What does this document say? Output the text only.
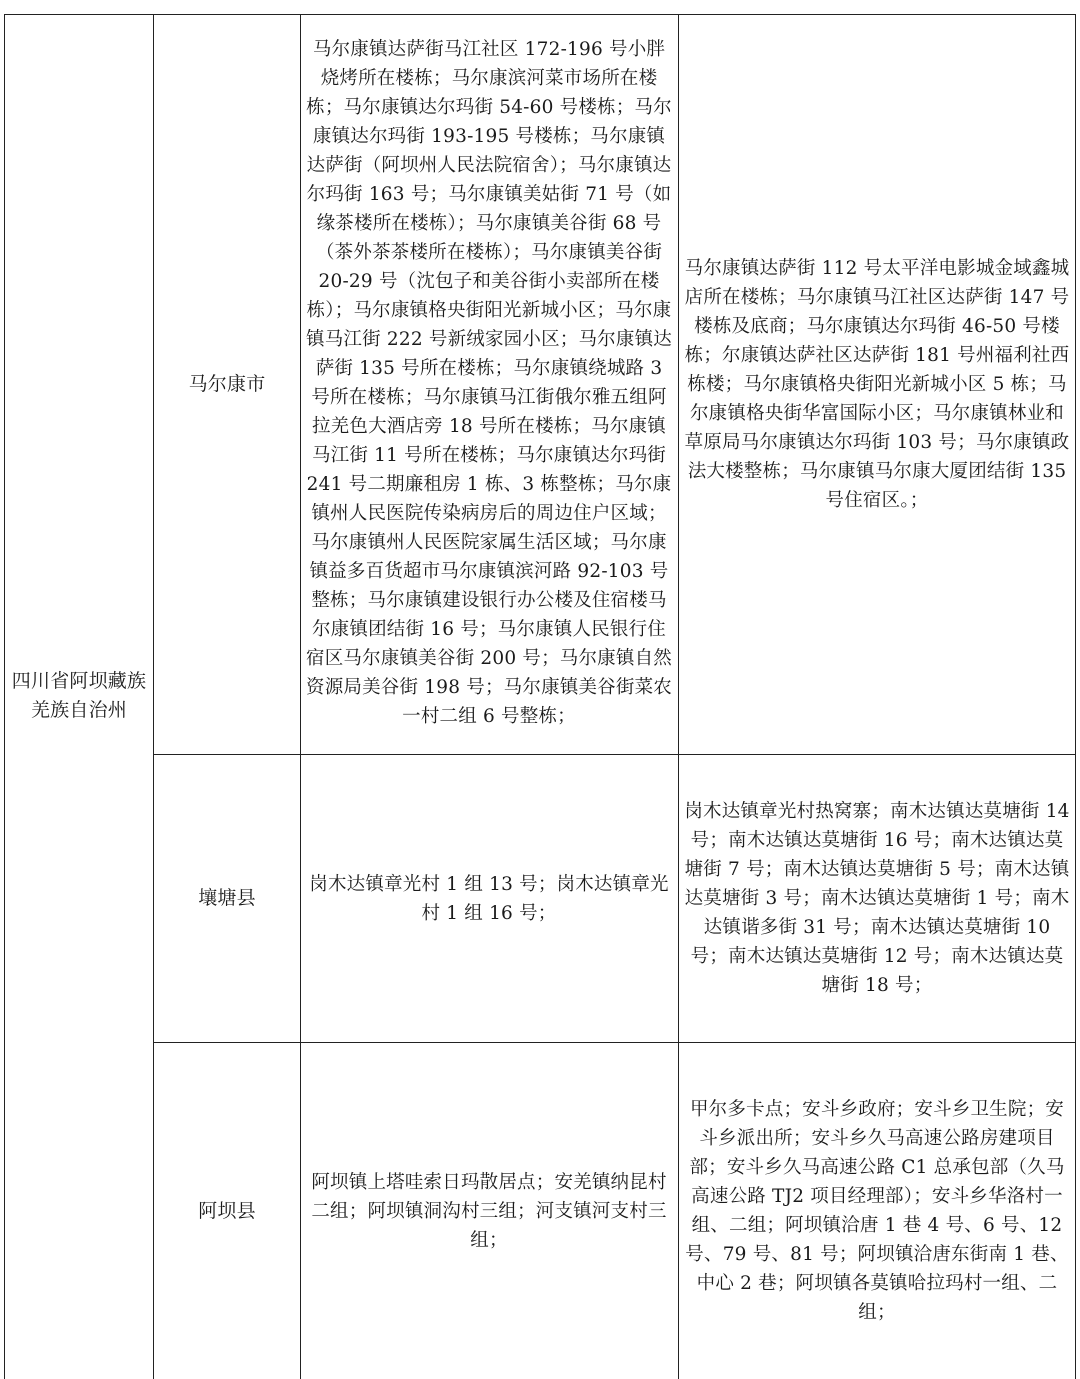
四川省阿坝藏族羌族自治州

马尔康市

马尔康镇达萨街马江社区 172-196 号小胖烧烤所在楼栋；马尔康滨河菜市场所在楼栋；马尔康镇达尔玛街 54-60 号楼栋；马尔康镇达尔玛街 193-195 号楼栋；马尔康镇达萨街（阿坝州人民法院宿舍）；马尔康镇达尔玛街 163 号；马尔康镇美姑街 71 号（如缘茶楼所在楼栋）；马尔康镇美谷街 68 号（茶外茶茶楼所在楼栋）；马尔康镇美谷街 20-29 号（沈包子和美谷街小卖部所在楼栋）；马尔康镇格央街阳光新城小区；马尔康镇马江街 222 号新绒家园小区；马尔康镇达萨街 135 号所在楼栋；马尔康镇绕城路 3 号所在楼栋；马尔康镇马江街俄尔雅五组阿拉羌色大酒店旁 18 号所在楼栋；马尔康镇马江街 11 号所在楼栋；马尔康镇达尔玛街 241 号二期廉租房 1 栋、3 栋整栋；马尔康镇州人民医院传染病房后的周边住户区域；马尔康镇州人民医院家属生活区域；马尔康镇益多百货超市马尔康镇滨河路 92-103 号整栋；马尔康镇建设银行办公楼及住宿楼马尔康镇团结街 16 号；马尔康镇人民银行住宿区马尔康镇美谷街 200 号；马尔康镇自然资源局美谷街 198 号；马尔康镇美谷街菜农一村二组 6 号整栋；

马尔康镇达萨街 112 号太平洋电影城金域鑫城店所在楼栋；马尔康镇马江社区达萨街 147 号楼栋及底商；马尔康镇达尔玛街 46-50 号楼栋；尔康镇达萨社区达萨街 181 号州福利社西栋楼；马尔康镇格央街阳光新城小区 5 栋；马尔康镇格央街华富国际小区；马尔康镇林业和草原局马尔康镇达尔玛街 103 号；马尔康镇政法大楼整栋；马尔康镇马尔康大厦团结街 135 号住宿区。；

壤塘县

岗木达镇章光村 1 组 13 号；岗木达镇章光村 1 组 16 号；

岗木达镇章光村热窝寨；南木达镇达莫塘街 14 号；南木达镇达莫塘街 16 号；南木达镇达莫塘街 7 号；南木达镇达莫塘街 5 号；南木达镇达莫塘街 3 号；南木达镇达莫塘街 1 号；南木达镇谐多街 31 号；南木达镇达莫塘街 10 号；南木达镇达莫塘街 12 号；南木达镇达莫塘街 18 号；

阿坝县

阿坝镇上塔哇索日玛散居点；安羌镇纳昆村二组；阿坝镇洞沟村三组；河支镇河支村三组；

甲尔多卡点；安斗乡政府；安斗乡卫生院；安斗乡派出所；安斗乡久马高速公路房建项目部；安斗乡久马高速公路 C1 总承包部（久马高速公路 TJ2 项目经理部）；安斗乡华洛村一组、二组；阿坝镇洽唐 1 巷 4 号、6 号、12 号、79 号、81 号；阿坝镇洽唐东街南 1 巷、中心 2 巷；阿坝镇各莫镇哈拉玛村一组、二组；
